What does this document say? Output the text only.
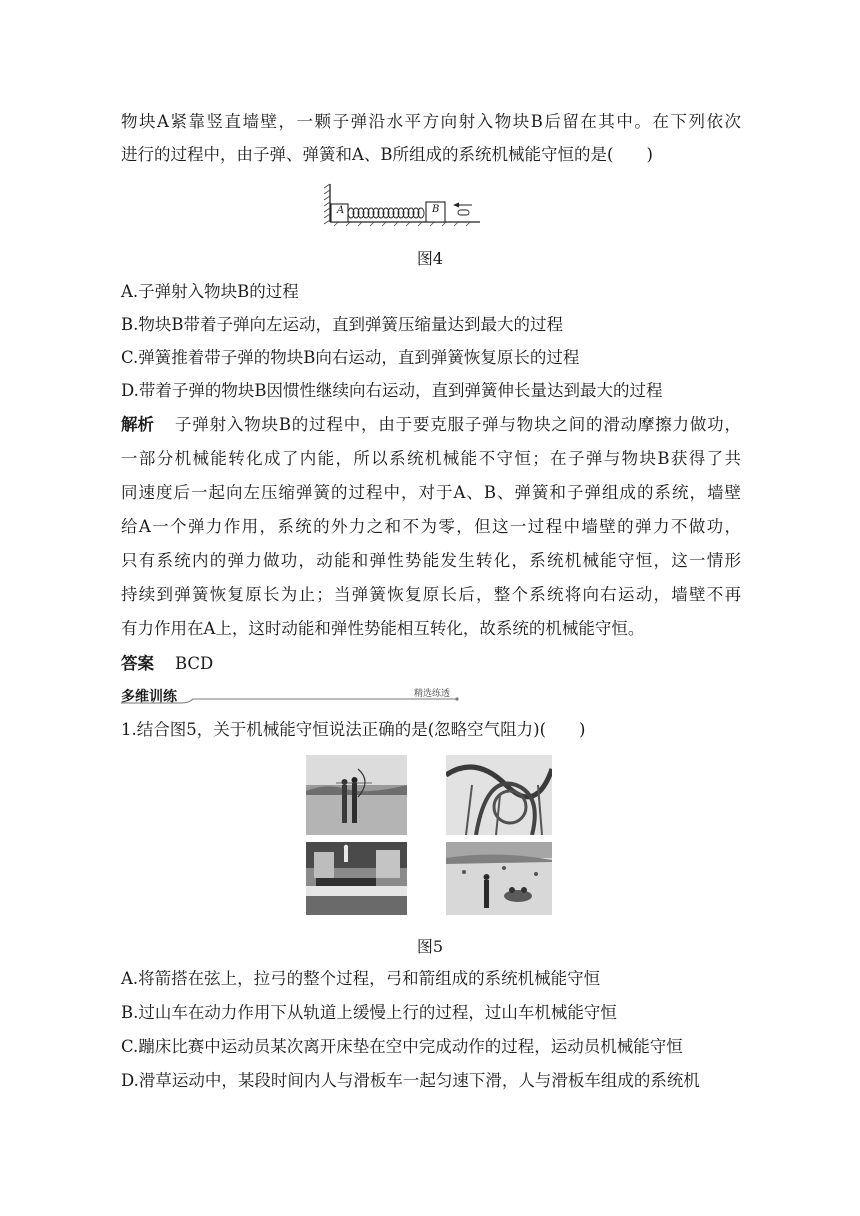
物块A紧靠竖直墙壁，一颗子弹沿水平方向射入物块B后留在其中。在下列依次
进行的过程中，由子弹、弹簧和A、B所组成的系统机械能守恒的是(　　)
A	B
图4
A.子弹射入物块B的过程
B.物块B带着子弹向左运动，直到弹簧压缩量达到最大的过程
C.弹簧推着带子弹的物块B向右运动，直到弹簧恢复原长的过程
D.带着子弹的物块B因惯性继续向右运动，直到弹簧伸长量达到最大的过程
解析	子弹射入物块B的过程中，由于要克服子弹与物块之间的滑动摩擦力做功，
一部分机械能转化成了内能，所以系统机械能不守恒；在子弹与物块B获得了共
同速度后一起向左压缩弹簧的过程中，对于A、B、弹簧和子弹组成的系统，墙壁
给A一个弹力作用，系统的外力之和不为零，但这一过程中墙壁的弹力不做功，
只有系统内的弹力做功，动能和弹性势能发生转化，系统机械能守恒，这一情形
持续到弹簧恢复原长为止；当弹簧恢复原长后，整个系统将向右运动，墙壁不再
有力作用在A上，这时动能和弹性势能相互转化，故系统的机械能守恒。
答案	BCD
多维训练	精选练透
1.结合图5，关于机械能守恒说法正确的是(忽略空气阻力)(　　)
图5
A.将箭搭在弦上，拉弓的整个过程，弓和箭组成的系统机械能守恒
B.过山车在动力作用下从轨道上缓慢上行的过程，过山车机械能守恒
C.蹦床比赛中运动员某次离开床垫在空中完成动作的过程，运动员机械能守恒
D.滑草运动中，某段时间内人与滑板车一起匀速下滑，人与滑板车组成的系统机
